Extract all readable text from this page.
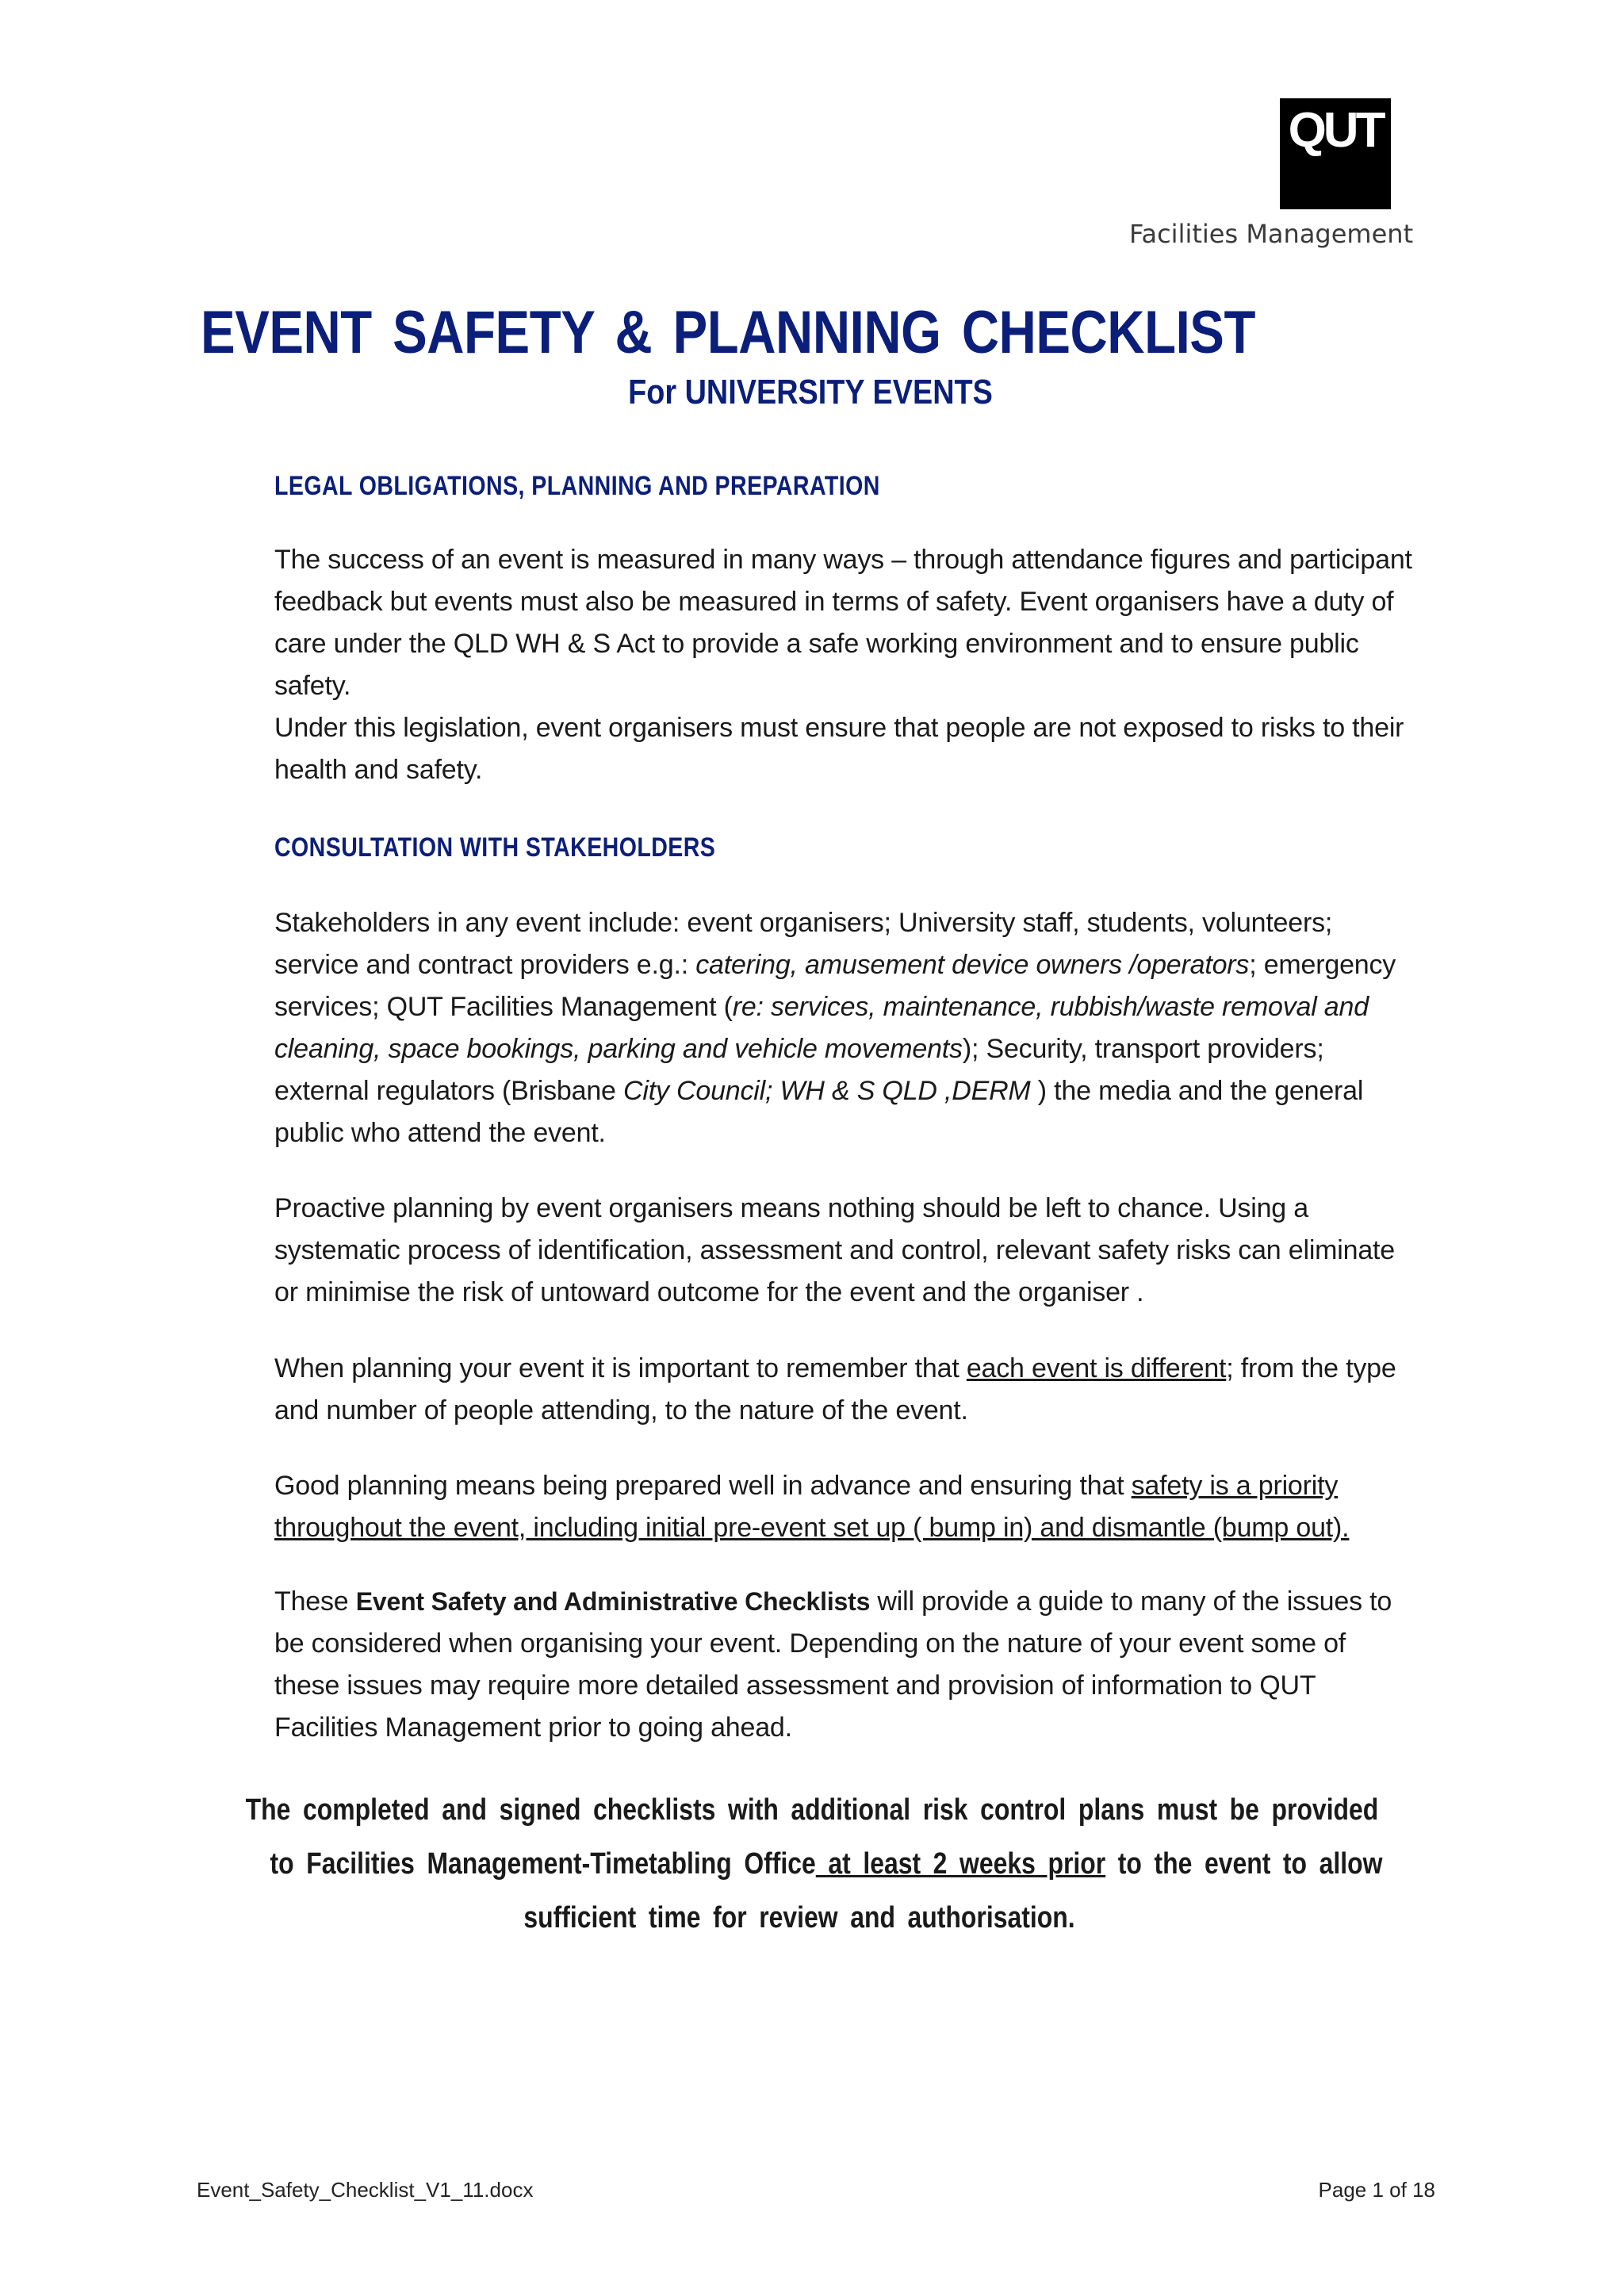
QUT
Facilities Management
EVENT SAFETY & PLANNING CHECKLIST
For UNIVERSITY EVENTS
LEGAL OBLIGATIONS, PLANNING AND PREPARATION
The success of an event is measured in many ways – through attendance figures and participant feedback but events must also be measured in terms of safety. Event organisers have a duty of care under the QLD WH & S Act to provide a safe working environment and to ensure public safety.
Under this legislation, event organisers must ensure that people are not exposed to risks to their health and safety.
CONSULTATION WITH STAKEHOLDERS
Stakeholders in any event include: event organisers; University staff, students, volunteers; service and contract providers e.g.: catering, amusement device owners /operators; emergency services; QUT Facilities Management (re: services, maintenance, rubbish/waste removal and cleaning, space bookings, parking and vehicle movements); Security, transport providers; external regulators (Brisbane City Council; WH & S QLD ,DERM ) the media and the general public who attend the event.
Proactive planning by event organisers means nothing should be left to chance. Using a systematic process of identification, assessment and control, relevant safety risks can eliminate or minimise the risk of untoward outcome for the event and the organiser .
When planning your event it is important to remember that each event is different; from the type and number of people attending, to the nature of the event.
Good planning means being prepared well in advance and ensuring that safety is a priority throughout the event, including initial pre-event set up ( bump in) and dismantle (bump out).
These Event Safety and Administrative Checklists will provide a guide to many of the issues to be considered when organising your event. Depending on the nature of your event some of these issues may require more detailed assessment and provision of information to QUT Facilities Management prior to going ahead.
The completed and signed checklists with additional risk control plans must be provided
to Facilities Management-Timetabling Office at least 2 weeks prior to the event to allow
sufficient time for review and authorisation.
Event_Safety_Checklist_V1_11.docx	Page 1 of 18
